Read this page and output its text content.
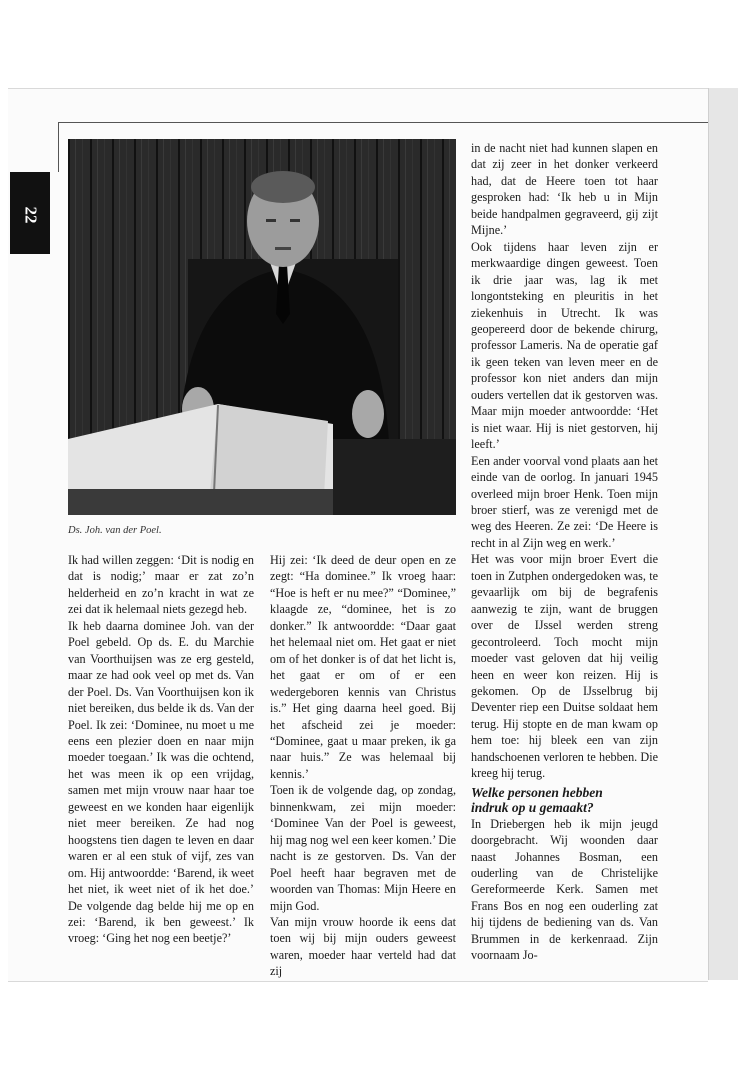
22
Ds. Joh. van der Poel.

Ik had willen zeggen: ‘Dit is nodig en dat is nodig;’ maar er zat zo’n helderheid en zo’n kracht in wat ze zei dat ik helemaal niets gezegd heb.

Ik heb daarna dominee Joh. van der Poel gebeld. Op ds. E. du Marchie van Voorthuijsen was ze erg gesteld, maar ze had ook veel op met ds. Van der Poel. Ds. Van Voorthuijsen kon ik niet bereiken, dus belde ik ds. Van der Poel. Ik zei: ‘Dominee, nu moet u me eens een plezier doen en naar mijn moeder toegaan.’ Ik was die ochtend, het was meen ik op een vrijdag, samen met mijn vrouw naar haar toe geweest en we konden haar eigenlijk niet meer bereiken. Ze had nog hoogstens tien dagen te leven en daar waren er al een stuk of vijf, zes van om. Hij antwoordde: ‘Barend, ik weet het niet, ik weet niet of ik het doe.’ De volgende dag belde hij me op en zei: ‘Barend, ik ben geweest.’ Ik vroeg: ‘Ging het nog een beetje?’

Hij zei: ‘Ik deed de deur open en ze zegt: “Ha dominee.” Ik vroeg haar: “Hoe is heft er nu mee?” “Dominee,” klaagde ze, “dominee, het is zo donker.” Ik antwoordde: “Daar gaat het helemaal niet om. Het gaat er niet om of het donker is of dat het licht is, het gaat er om of er een wedergeboren kennis van Christus is.” Het ging daarna heel goed. Bij het afscheid zei je moeder: “Dominee, gaat u maar preken, ik ga naar huis.” Ze was helemaal bij kennis.’

Toen ik de volgende dag, op zondag, binnenkwam, zei mijn moeder: ‘Dominee Van der Poel is geweest, hij mag nog wel een keer komen.’ Die nacht is ze gestorven. Ds. Van der Poel heeft haar begraven met de woorden van Thomas: Mijn Heere en mijn God.

Van mijn vrouw hoorde ik eens dat toen wij bij mijn ouders geweest waren, moeder haar verteld had dat zij

in de nacht niet had kunnen slapen en dat zij zeer in het donker verkeerd had, dat de Heere toen tot haar gesproken had: ‘Ik heb u in Mijn beide handpalmen gegraveerd, gij zijt Mijne.’

Ook tijdens haar leven zijn er merkwaardige dingen geweest. Toen ik drie jaar was, lag ik met longontsteking en pleuritis in het ziekenhuis in Utrecht. Ik was geopereerd door de bekende chirurg, professor Lameris. Na de operatie gaf ik geen teken van leven meer en de professor kon niet anders dan mijn ouders vertellen dat ik gestorven was. Maar mijn moeder antwoordde: ‘Het is niet waar. Hij is niet gestorven, hij leeft.’

Een ander voorval vond plaats aan het einde van de oorlog. In januari 1945 overleed mijn broer Henk. Toen mijn broer stierf, was ze verenigd met de weg des Heeren. Ze zei: ‘De Heere is recht in al Zijn weg en werk.’

Het was voor mijn broer Evert die toen in Zutphen ondergedoken was, te gevaarlijk om bij de begrafenis aanwezig te zijn, want de bruggen over de IJssel werden streng gecontroleerd. Toch mocht mijn moeder vast geloven dat hij veilig heen en weer kon reizen. Hij is gekomen. Op de IJsselbrug bij Deventer riep een Duitse soldaat hem terug. Hij stopte en de man kwam op hem toe: hij bleek een van zijn handschoenen verloren te hebben. Die kreeg hij terug.

Welke personen hebben
indruk op u gemaakt?

In Driebergen heb ik mijn jeugd doorgebracht. Wij woonden daar naast Johannes Bosman, een ouderling van de Christelijke Gereformeerde Kerk. Samen met Frans Bos en nog een ouderling zat hij tijdens de bediening van ds. Van Brummen in de kerkenraad. Zijn voornaam Jo-
